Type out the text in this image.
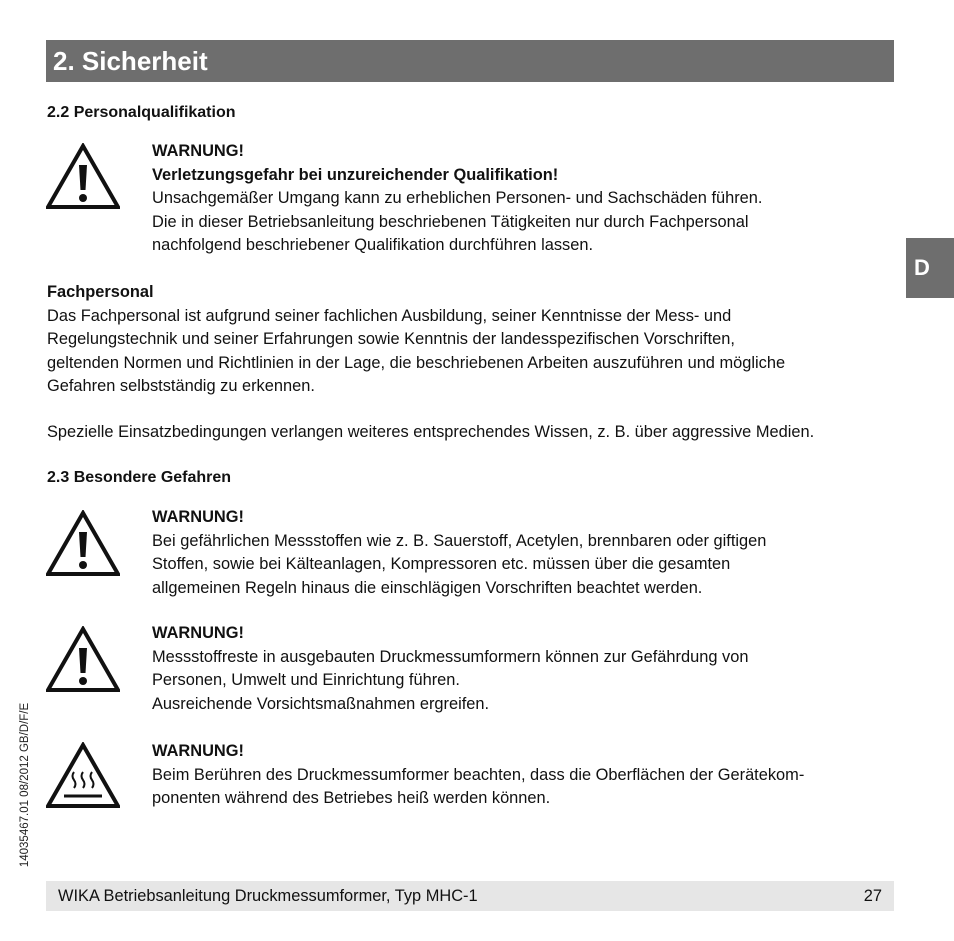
2. Sicherheit
D
2.2 Personalqualifikation
WARNUNG!
Verletzungsgefahr bei unzureichender Qualifikation!
Unsachgemäßer Umgang kann zu erheblichen Personen- und Sachschäden führen.
Die in dieser Betriebsanleitung beschriebenen Tätigkeiten nur durch Fachpersonal
nachfolgend beschriebener Qualifikation durchführen lassen.
Fachpersonal
Das Fachpersonal ist aufgrund seiner fachlichen Ausbildung, seiner Kenntnisse der Mess- und
Regelungstechnik und seiner Erfahrungen sowie Kenntnis der landesspezifischen Vorschriften,
geltenden Normen und Richtlinien in der Lage, die beschriebenen Arbeiten auszuführen und mögliche
Gefahren selbstständig zu erkennen.
Spezielle Einsatzbedingungen verlangen weiteres entsprechendes Wissen, z. B. über aggressive Medien.
2.3 Besondere Gefahren
WARNUNG!
Bei gefährlichen Messstoffen wie z. B. Sauerstoff, Acetylen, brennbaren oder giftigen
Stoffen, sowie bei Kälteanlagen, Kompressoren etc. müssen über die gesamten
allgemeinen Regeln hinaus die einschlägigen Vorschriften beachtet werden.
WARNUNG!
Messstoffreste in ausgebauten Druckmessumformern können zur Gefährdung von
Personen, Umwelt und Einrichtung führen.
Ausreichende Vorsichtsmaßnahmen ergreifen.
WARNUNG!
Beim Berühren des Druckmessumformer beachten, dass die Oberflächen der Gerätekom-
ponenten während des Betriebes heiß werden können.
14035467.01 08/2012 GB/D/F/E
WIKA Betriebsanleitung Druckmessumformer, Typ MHC-1	27
